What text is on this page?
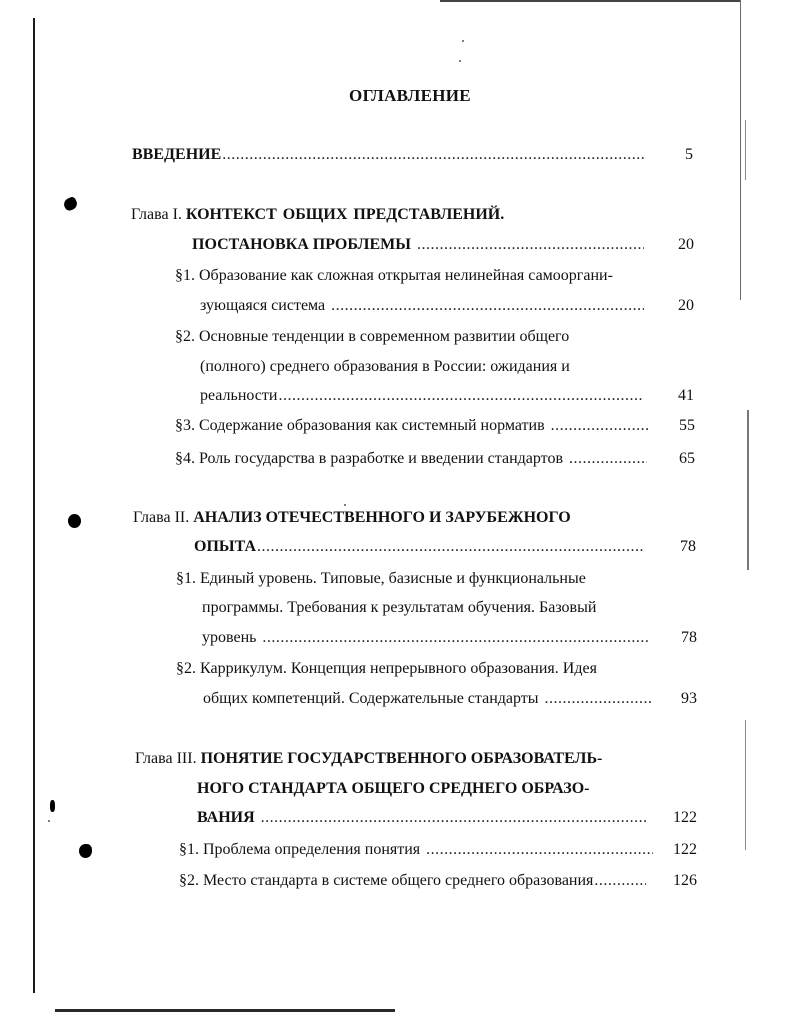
ОГЛАВЛЕНИЕ
ВВЕДЕНИЕ .....	5
Глава I. КОНТЕКСТ ОБЩИХ ПРЕДСТАВЛЕНИЙ.
ПОСТАНОВКА ПРОБЛЕМЫ .....	20
§1. Образование как сложная открытая нелинейная самооргани-
зующаяся система .....	20
§2. Основные тенденции в современном развитии общего
(полного) среднего образования в России: ожидания и
реальности .....	41
§3. Содержание образования как системный норматив .....	55
§4. Роль государства в разработке и введении стандартов .....	65
Глава II. АНАЛИЗ ОТЕЧЕСТВЕННОГО И ЗАРУБЕЖНОГО
ОПЫТА .....	78
§1. Единый уровень. Типовые, базисные и функциональные
программы. Требования к результатам обучения. Базовый
уровень .....	78
§2. Каррикулум. Концепция непрерывного образования. Идея
общих компетенций. Содержательные стандарты .....	93
Глава III. ПОНЯТИЕ ГОСУДАРСТВЕННОГО ОБРАЗОВАТЕЛЬ-
НОГО СТАНДАРТА ОБЩЕГО СРЕДНЕГО ОБРАЗО-
ВАНИЯ .....	122
§1. Проблема определения понятия .....	122
§2. Место стандарта в системе общего среднего образования .....	126
